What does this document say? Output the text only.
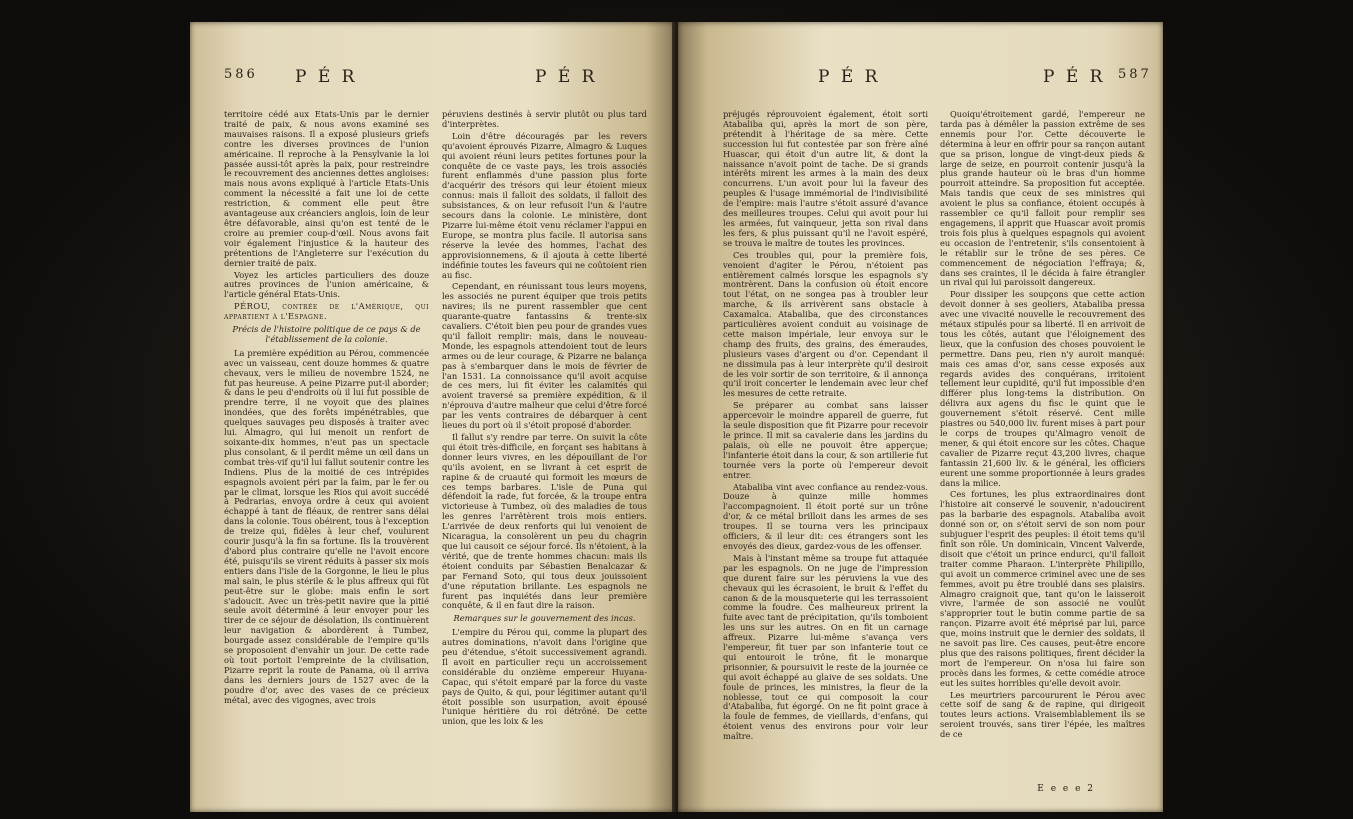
586 P É R	P É R

territoire cédé aux Etats-Unis par le dernier traité de paix, & nous avons examiné ses mauvaises raisons. Il a exposé plusieurs griefs contre les diverses provinces de l'union américaine. Il reproche à la Pensylvanie la loi passée aussi-tôt après la paix, pour restreindre le recouvrement des anciennes dettes angloises: mais nous avons expliqué à l'article Etats-Unis comment la nécessité a fait une loi de cette restriction, & comment elle peut être avantageuse aux créanciers anglois, loin de leur être défavorable, ainsi qu'on est tenté de le croire au premier coup-d'œil. Nous avons fait voir également l'injustice & la hauteur des prétentions de l'Angleterre sur l'exécution du dernier traité de paix.

Voyez les articles particuliers des douze autres provinces de l'union américaine, & l'article général Etats-Unis.

PÉROU, contrée de l'Amérique, qui appartient à l'Espagne.

Précis de l'histoire politique de ce pays & de l'établissement de la colonie.

La première expédition au Pérou, commencée avec un vaisseau, cent douze hommes & quatre chevaux, vers le milieu de novembre 1524, ne fut pas heureuse. A peine Pizarre put-il aborder; & dans le peu d'endroits où il lui fut possible de prendre terre, il ne voyoit que des plaines inondées, que des forêts impénétrables, que quelques sauvages peu disposés à traiter avec lui. Almagro, qui lui menoit un renfort de soixante-dix hommes, n'eut pas un spectacle plus consolant, & il perdit même un œil dans un combat très-vif qu'il lui fallut soutenir contre les Indiens. Plus de la moitié de ces intrépides espagnols avoient péri par la faim, par le fer ou par le climat, lorsque les Rios qui avoit succédé à Pedrarias, envoya ordre à ceux qui avoient échappé à tant de fléaux, de rentrer sans délai dans la colonie. Tous obéirent, tous à l'exception de treize qui, fidèles à leur chef, voulurent courir jusqu'à la fin sa fortune. Ils la trouvèrent d'abord plus contraire qu'elle ne l'avoit encore été, puisqu'ils se virent réduits à passer six mois entiers dans l'isle de la Gorgonne, le lieu le plus mal sain, le plus stérile & le plus affreux qui fût peut-être sur le globe: mais enfin le sort s'adoucit. Avec un très-petit navire que la pitié seule avoit déterminé à leur envoyer pour les tirer de ce séjour de désolation, ils continuèrent leur navigation & abordèrent à Tumbez, bourgade assez considérable de l'empire qu'ils se proposoient d'envahir un jour. De cette rade où tout portoit l'empreinte de la civilisation, Pizarre reprit la route de Panama, où il arriva dans les derniers jours de 1527 avec de la poudre d'or, avec des vases de ce précieux métal, avec des vigognes, avec trois

péruviens destinés à servir plutôt ou plus tard d'interprètes.

Loin d'être découragés par les revers qu'avoient éprouvés Pizarre, Almagro & Luques qui avoient réuni leurs petites fortunes pour la conquête de ce vaste pays, les trois associés furent enflammés d'une passion plus forte d'acquérir des trésors qui leur étoient mieux connus: mais il falloit des soldats, il falloit des subsistances, & on leur refusoit l'un & l'autre secours dans la colonie. Le ministère, dont Pizarre lui-même étoit venu réclamer l'appui en Europe, se montra plus facile. Il autorisa sans réserve la levée des hommes, l'achat des approvisionnemens, & il ajouta à cette liberté indéfinie toutes les faveurs qui ne coûtoient rien au fisc.

Cependant, en réunissant tous leurs moyens, les associés ne purent équiper que trois petits navires; ils ne purent rassembler que cent quarante-quatre fantassins & trente-six cavaliers. C'étoit bien peu pour de grandes vues qu'il falloit remplir: mais, dans le nouveau-Monde, les espagnols attendoient tout de leurs armes ou de leur courage, & Pizarre ne balança pas à s'embarquer dans le mois de février de l'an 1531. La connoissance qu'il avoit acquise de ces mers, lui fit éviter les calamités qui avoient traversé sa première expédition, & il n'éprouva d'autre malheur que celui d'être forcé par les vents contraires de débarquer à cent lieues du port où il s'étoit proposé d'aborder.

Il fallut s'y rendre par terre. On suivit la côte qui étoit très-difficile, en forçant ses habitans à donner leurs vivres, en les dépouillant de l'or qu'ils avoient, en se livrant à cet esprit de rapine & de cruauté qui formoit les mœurs de ces temps barbares. L'isle de Puna qui défendoit la rade, fut forcée, & la troupe entra victorieuse à Tumbez, où des maladies de tous les genres l'arrêtèrent trois mois entiers. L'arrivée de deux renforts qui lui venoient de Nicaragua, la consolèrent un peu du chagrin que lui causoit ce séjour forcé. Ils n'étoient, à la vérité, que de trente hommes chacun: mais ils étoient conduits par Sébastien Benalcazar & par Fernand Soto, qui tous deux jouissoient d'une réputation brillante. Les espagnols ne furent pas inquiétés dans leur première conquête, & il en faut dire la raison.

Remarques sur le gouvernement des incas.

L'empire du Pérou qui, comme la plupart des autres dominations, n'avoit dans l'origine que peu d'étendue, s'étoit successivement agrandi. Il avoit en particulier reçu un accroissement considérable du onzième empereur Huyana-Capac, qui s'étoit emparé par la force du vaste pays de Quito, & qui, pour légitimer autant qu'il étoit possible son usurpation, avoit épousé l'unique héritière du roi détrôné. De cette union, que les loix & les

P É R	P É R 587

préjugés réprouvoient également, étoit sorti Atabaliba qui, après la mort de son père, prétendit à l'héritage de sa mère. Cette succession lui fut contestée par son frère aîné Huascar, qui étoit d'un autre lit, & dont la naissance n'avoit point de tache. De si grands intérêts mirent les armes à la main des deux concurrens. L'un avoit pour lui la faveur des peuples & l'usage immémorial de l'indivisibilité de l'empire: mais l'autre s'étoit assuré d'avance des meilleures troupes. Celui qui avoit pour lui les armées, fut vainqueur, jetta son rival dans les fers, & plus puissant qu'il ne l'avoit espéré, se trouva le maître de toutes les provinces.

Ces troubles qui, pour la première fois, venoient d'agiter le Pérou, n'étoient pas entièrement calmés lorsque les espagnols s'y montrèrent. Dans la confusion où étoit encore tout l'état, on ne songea pas à troubler leur marche, & ils arrivèrent sans obstacle à Caxamalca. Atabaliba, que des circonstances particulières avoient conduit au voisinage de cette maison impériale, leur envoya sur le champ des fruits, des grains, des émeraudes, plusieurs vases d'argent ou d'or. Cependant il ne dissimula pas à leur interprète qu'il desiroit de les voir sortir de son territoire, & il annonça qu'il iroit concerter le lendemain avec leur chef les mesures de cette retraite.

Se préparer au combat sans laisser appercevoir le moindre appareil de guerre, fut la seule disposition que fit Pizarre pour recevoir le prince. Il mit sa cavalerie dans les jardins du palais, où elle ne pouvoit être apperçue; l'infanterie étoit dans la cour, & son artillerie fut tournée vers la porte où l'empereur devoit entrer.

Atabaliba vint avec confiance au rendez-vous. Douze à quinze mille hommes l'accompagnoient. Il étoit porté sur un trône d'or, & ce métal brilloit dans les armes de ses troupes. Il se tourna vers les principaux officiers, & il leur dit: ces étrangers sont les envoyés des dieux, gardez-vous de les offenser.

Mais à l'instant même sa troupe fut attaquée par les espagnols. On ne juge de l'impression que durent faire sur les péruviens la vue des chevaux qui les écrasoient, le bruit & l'effet du canon & de la mousqueterie qui les terrassoient comme la foudre. Ces malheureux prirent la fuite avec tant de précipitation, qu'ils tomboient les uns sur les autres. On en fit un carnage affreux. Pizarre lui-même s'avança vers l'empereur, fit tuer par son infanterie tout ce qui entouroit le trône, fit le monarque prisonnier, & poursuivit le reste de la journée ce qui avoit échappé au glaive de ses soldats. Une foule de princes, les ministres, la fleur de la noblesse, tout ce qui composoit la cour d'Atabaliba, fut égorgé. On ne fit point grace à la foule de femmes, de vieillards, d'enfans, qui étoient venus des environs pour voir leur maître.

Quoiqu'étroitement gardé, l'empereur ne tarda pas à démêler la passion extrême de ses ennemis pour l'or. Cette découverte le détermina à leur en offrir pour sa rançon autant que sa prison, longue de vingt-deux pieds & large de seize, en pourroit contenir jusqu'à la plus grande hauteur où le bras d'un homme pourroit atteindre. Sa proposition fut acceptée. Mais tandis que ceux de ses ministres qui avoient le plus sa confiance, étoient occupés à rassembler ce qu'il falloit pour remplir ses engagemens, il apprit que Huascar avoit promis trois fois plus à quelques espagnols qui avoient eu occasion de l'entretenir, s'ils consentoient à le rétablir sur le trône de ses pères. Ce commencement de négociation l'effraya; &, dans ses craintes, il le décida à faire étrangler un rival qui lui paroissoit dangereux.

Pour dissiper les soupçons que cette action devoit donner à ses geoliers, Atabaliba pressa avec une vivacité nouvelle le recouvrement des métaux stipulés pour sa liberté. Il en arrivoit de tous les côtés, autant que l'éloignement des lieux, que la confusion des choses pouvoient le permettre. Dans peu, rien n'y auroit manqué: mais ces amas d'or, sans cesse exposés aux regards avides des conquérans, irritoient tellement leur cupidité, qu'il fut impossible d'en différer plus long-tems la distribution. On délivra aux agens du fisc le quint que le gouvernement s'étoit réservé. Cent mille piastres ou 540,000 liv. furent mises à part pour le corps de troupes qu'Almagro venoit de mener, & qui étoit encore sur les côtes. Chaque cavalier de Pizarre reçut 43,200 livres, chaque fantassin 21,600 liv. & le général, les officiers eurent une somme proportionnée à leurs grades dans la milice.

Ces fortunes, les plus extraordinaires dont l'histoire ait conservé le souvenir, n'adoucirent pas la barbarie des espagnols. Atabaliba avoit donné son or, on s'étoit servi de son nom pour subjuguer l'esprit des peuples: il étoit tems qu'il finît son rôle. Un dominicain, Vincent Valverde, disoit que c'étoit un prince endurci, qu'il falloit traiter comme Pharaon. L'interprète Philipillo, qui avoit un commerce criminel avec une de ses femmes, avoit pu être troublé dans ses plaisirs. Almagro craignoit que, tant qu'on le laisseroit vivre, l'armée de son associé ne voulût s'approprier tout le butin comme partie de sa rançon. Pizarre avoit été méprisé par lui, parce que, moins instruit que le dernier des soldats, il ne savoit pas lire. Ces causes, peut-être encore plus que des raisons politiques, firent décider la mort de l'empereur. On n'osa lui faire son procès dans les formes, & cette comédie atroce eut les suites horribles qu'elle devoit avoir.

Les meurtriers parcoururent le Pérou avec cette soif de sang & de rapine, qui dirigeoit toutes leurs actions. Vraisemblablement ils se seroient trouvés, sans tirer l'épée, les maîtres de ce

E e e e 2
